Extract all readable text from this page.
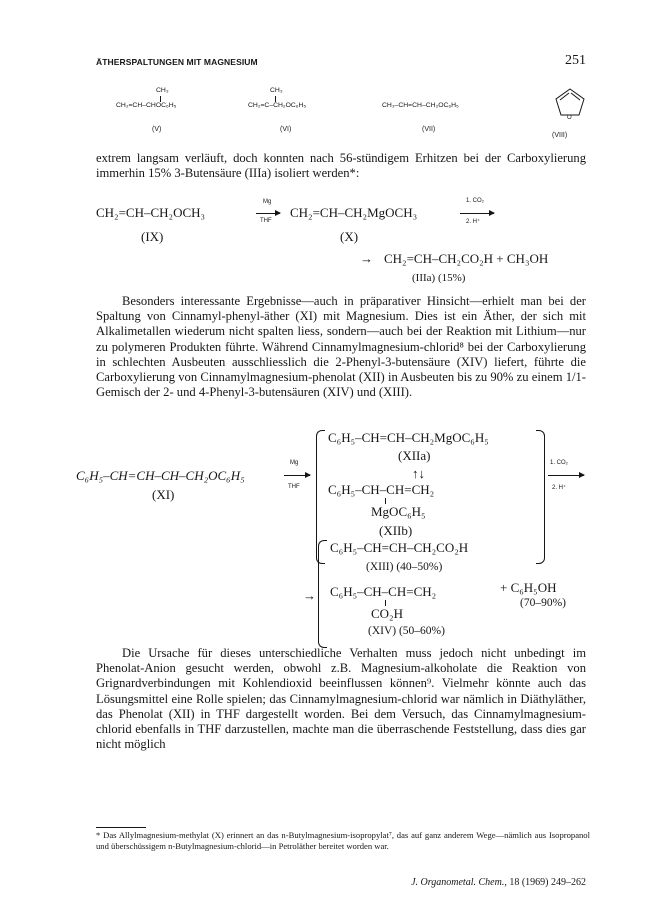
ÄTHERSPALTUNGEN MIT MAGNESIUM	251
CH₃
CH₂=CH–CHOC₆H₅
(V)
CH₃
CH₂=C–CH₂OC₆H₅
(VI)
CH₃–CH=CH–CH₂OC₆H₅
(VII)
O
(VIII)
extrem langsam verläuft, doch konnten nach 56-stündigem Erhitzen bei der Carboxylierung immerhin 15% 3-Butensäure (IIIa) isoliert werden*:
CH₂=CH–CH₂OCH₃
(IX)
Mg
THF
CH₂=CH–CH₂MgOCH₃
(X)
1. CO₂
2. H⁺
→ CH₂=CH–CH₂CO₂H + CH₃OH
(IIIa) (15%)
Besonders interessante Ergebnisse—auch in präparativer Hinsicht—erhielt man bei der Spaltung von Cinnamyl-phenyl-äther (XI) mit Magnesium. Dies ist ein Äther, der sich mit Alkalimetallen wiederum nicht spalten liess, sondern—auch bei der Reaktion mit Lithium—nur zu polymeren Produkten führte. Während Cinnamylmagnesium-chlorid⁸ bei der Carboxylierung in schlechten Ausbeuten ausschliesslich die 2-Phenyl-3-butensäure (XIV) liefert, führte die Carboxylierung von Cinnamylmagnesium-phenolat (XII) in Ausbeuten bis zu 90% zu einem 1/1-Gemisch der 2- und 4-Phenyl-3-butensäuren (XIV) und (XIII).
C₆H₅–CH=CH–CH–CH₂OC₆H₅
(XI)
Mg
THF
C₆H₅–CH=CH–CH₂MgOC₆H₅
(XIIa)
↑↓
C₆H₅–CH–CH=CH₂
MgOC₆H₅
(XIIb)
1. CO₂
2. H⁺
→
C₆H₅–CH=CH–CH₂CO₂H
(XIII) (40–50%)
C₆H₅–CH–CH=CH₂
CO₂H
(XIV) (50–60%)
+ C₆H₅OH
(70–90%)
Die Ursache für dieses unterschiedliche Verhalten muss jedoch nicht unbedingt im Phenolat-Anion gesucht werden, obwohl z.B. Magnesium-alkoholate die Reaktion von Grignardverbindungen mit Kohlendioxid beeinflussen können⁹. Vielmehr könnte auch das Lösungsmittel eine Rolle spielen; das Cinnamylmagnesium-chlorid war nämlich in Diäthyläther, das Phenolat (XII) in THF dargestellt worden. Bei dem Versuch, das Cinnamylmagnesium-chlorid ebenfalls in THF darzustellen, machte man die überraschende Feststellung, dass dies gar nicht möglich
* Das Allylmagnesium-methylat (X) erinnert an das n-Butylmagnesium-isopropylat⁷, das auf ganz anderem Wege—nämlich aus Isopropanol und überschüssigem n-Butylmagnesium-chlorid—in Petroläther bereitet worden war.
J. Organometal. Chem., 18 (1969) 249–262
